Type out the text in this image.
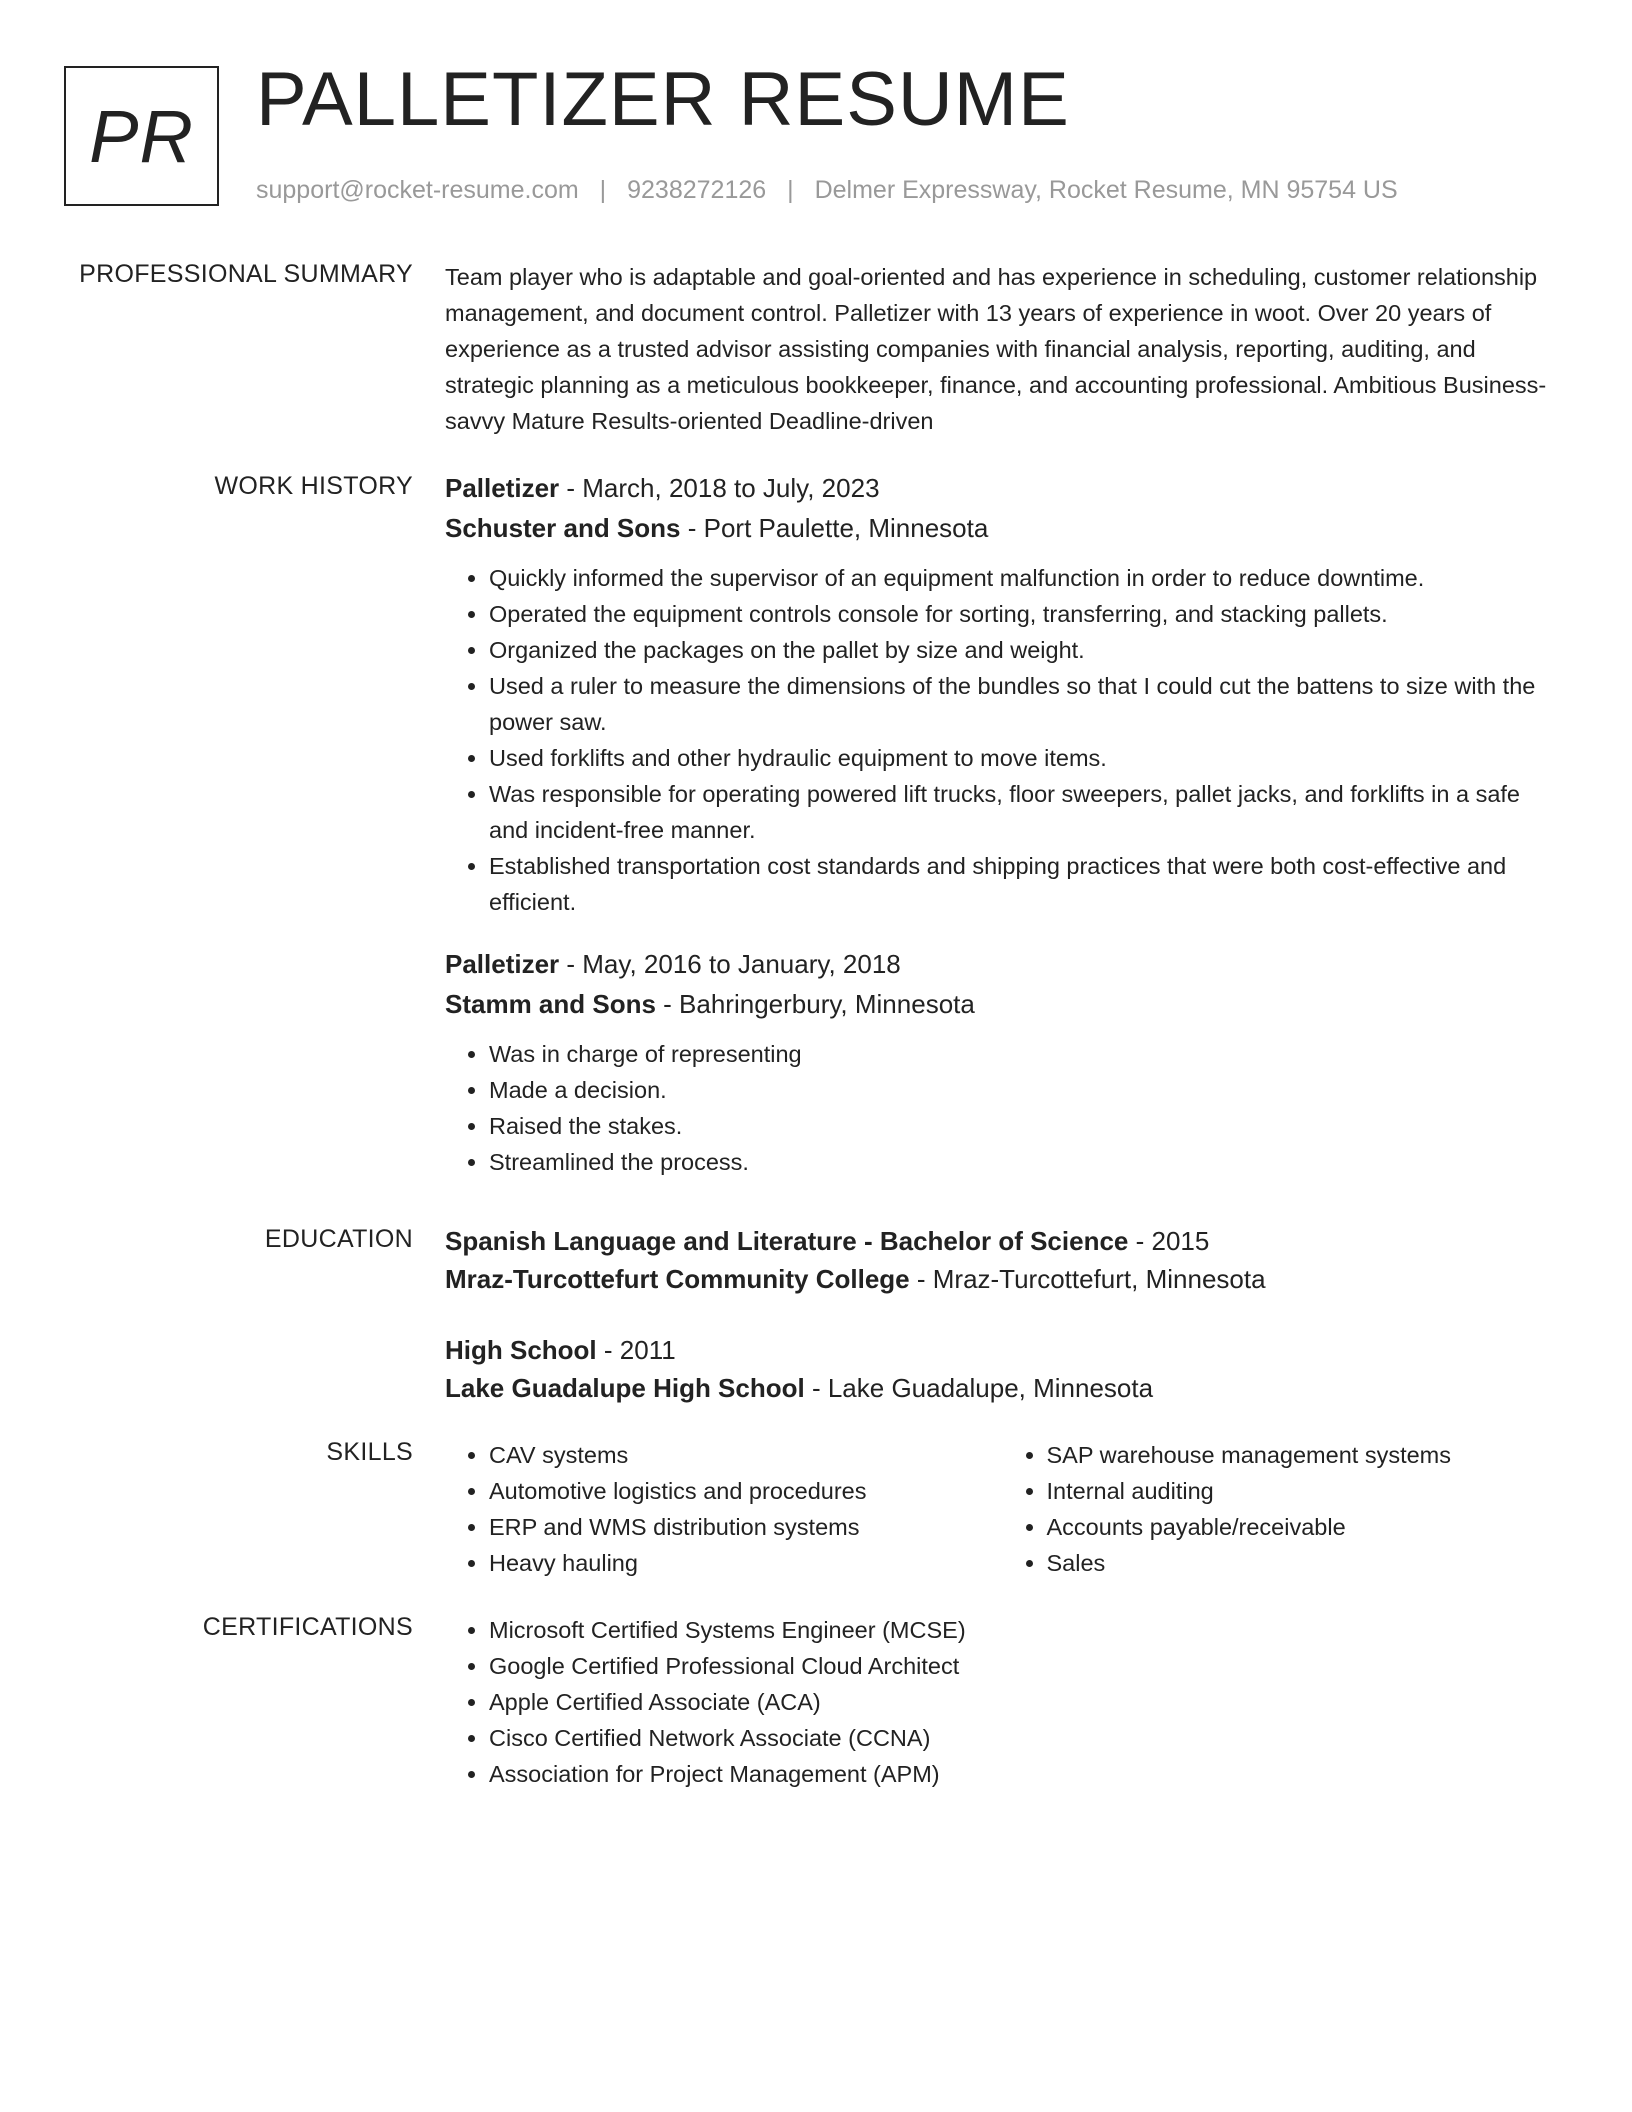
PR PALLETIZER RESUME
support@rocket-resume.com | 9238272126 | Delmer Expressway, Rocket Resume, MN 95754 US
PROFESSIONAL SUMMARY Team player who is adaptable and goal-oriented and has experience in scheduling, customer relationship management, and document control. Palletizer with 13 years of experience in woot. Over 20 years of experience as a trusted advisor assisting companies with financial analysis, reporting, auditing, and strategic planning as a meticulous bookkeeper, finance, and accounting professional. Ambitious Business-savvy Mature Results-oriented Deadline-driven

WORK HISTORY Palletizer - March, 2018 to July, 2023
Schuster and Sons - Port Paulette, Minnesota
• Quickly informed the supervisor of an equipment malfunction in order to reduce downtime.
• Operated the equipment controls console for sorting, transferring, and stacking pallets.
• Organized the packages on the pallet by size and weight.
• Used a ruler to measure the dimensions of the bundles so that I could cut the battens to size with the power saw.
• Used forklifts and other hydraulic equipment to move items.
• Was responsible for operating powered lift trucks, floor sweepers, pallet jacks, and forklifts in a safe and incident-free manner.
• Established transportation cost standards and shipping practices that were both cost-effective and efficient.
Palletizer - May, 2016 to January, 2018
Stamm and Sons - Bahringerbury, Minnesota
• Was in charge of representing
• Made a decision.
• Raised the stakes.
• Streamlined the process.
EDUCATION Spanish Language and Literature - Bachelor of Science - 2015
Mraz-Turcottefurt Community College - Mraz-Turcottefurt, Minnesota
High School - 2011
Lake Guadalupe High School - Lake Guadalupe, Minnesota
SKILLS	• CAV systems
• Automotive logistics and procedures
• ERP and WMS distribution systems
• Heavy hauling
• SAP warehouse management systems
• Internal auditing
• Accounts payable/receivable
• Sales
CERTIFICATIONS	• Microsoft Certified Systems Engineer (MCSE)
• Google Certified Professional Cloud Architect
• Apple Certified Associate (ACA)
• Cisco Certified Network Associate (CCNA)
• Association for Project Management (APM)
